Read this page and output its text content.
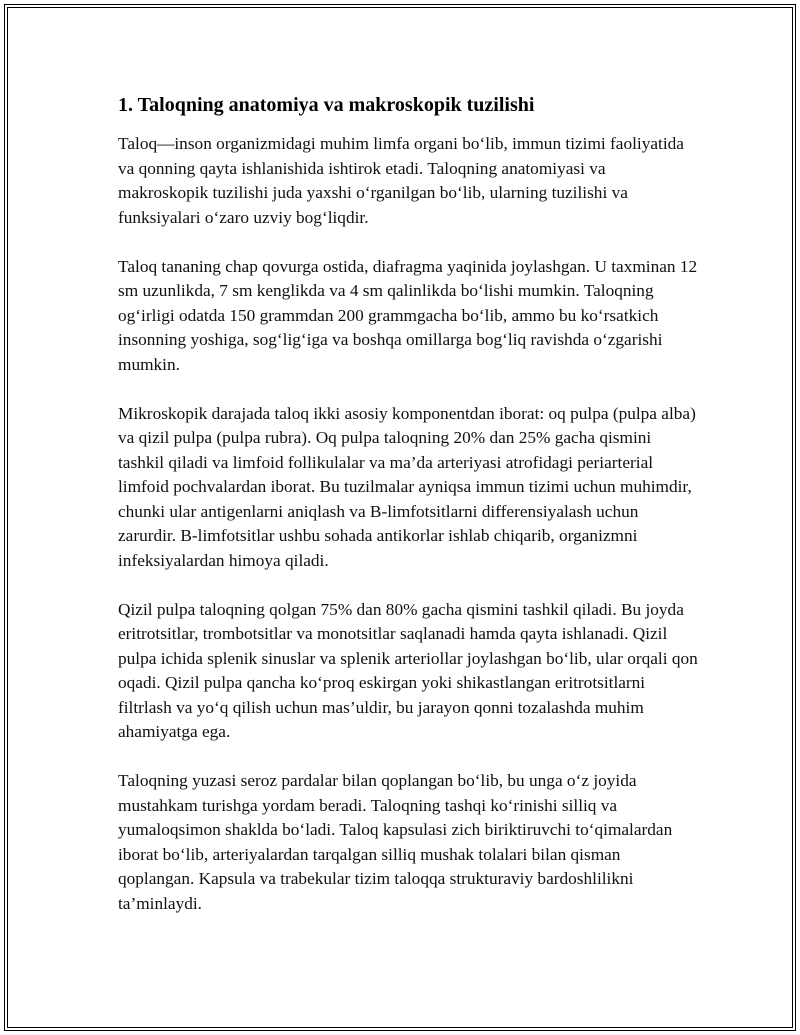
1. Taloqning anatomiya va makroskopik tuzilishi

Taloq—inson organizmidagi muhim limfa organi bo‘lib, immun tizimi faoliyatida va qonning qayta ishlanishida ishtirok etadi. Taloqning anatomiyasi va makroskopik tuzilishi juda yaxshi o‘rganilgan bo‘lib, ularning tuzilishi va funksiyalari o‘zaro uzviy bog‘liqdir.

Taloq tananing chap qovurga ostida, diafragma yaqinida joylashgan. U taxminan 12 sm uzunlikda, 7 sm kenglikda va 4 sm qalinlikda bo‘lishi mumkin. Taloqning og‘irligi odatda 150 grammdan 200 grammgacha bo‘lib, ammo bu ko‘rsatkich insonning yoshiga, sog‘lig‘iga va boshqa omillarga bog‘liq ravishda o‘zgarishi mumkin.

Mikroskopik darajada taloq ikki asosiy komponentdan iborat: oq pulpa (pulpa alba) va qizil pulpa (pulpa rubra). Oq pulpa taloqning 20% dan 25% gacha qismini tashkil qiladi va limfoid follikulalar va ma’da arteriyasi atrofidagi periarterial limfoid pochvalardan iborat. Bu tuzilmalar ayniqsa immun tizimi uchun muhimdir, chunki ular antigenlarni aniqlash va B-limfotsitlarni differensiyalash uchun zarurdir. B-limfotsitlar ushbu sohada antikorlar ishlab chiqarib, organizmni infeksiyalardan himoya qiladi.

Qizil pulpa taloqning qolgan 75% dan 80% gacha qismini tashkil qiladi. Bu joyda eritrotsitlar, trombotsitlar va monotsitlar saqlanadi hamda qayta ishlanadi. Qizil pulpa ichida splenik sinuslar va splenik arteriollar joylashgan bo‘lib, ular orqali qon oqadi. Qizil pulpa qancha ko‘proq eskirgan yoki shikastlangan eritrotsitlarni filtrlash va yo‘q qilish uchun mas’uldir, bu jarayon qonni tozalashda muhim ahamiyatga ega.

Taloqning yuzasi seroz pardalar bilan qoplangan bo‘lib, bu unga o‘z joyida mustahkam turishga yordam beradi. Taloqning tashqi ko‘rinishi silliq va yumaloqsimon shaklda bo‘ladi. Taloq kapsulasi zich biriktiruvchi to‘qimalardan iborat bo‘lib, arteriyalardan tarqalgan silliq mushak tolalari bilan qisman qoplangan. Kapsula va trabekular tizim taloqqa strukturaviy bardoshlilikni ta’minlaydi.
